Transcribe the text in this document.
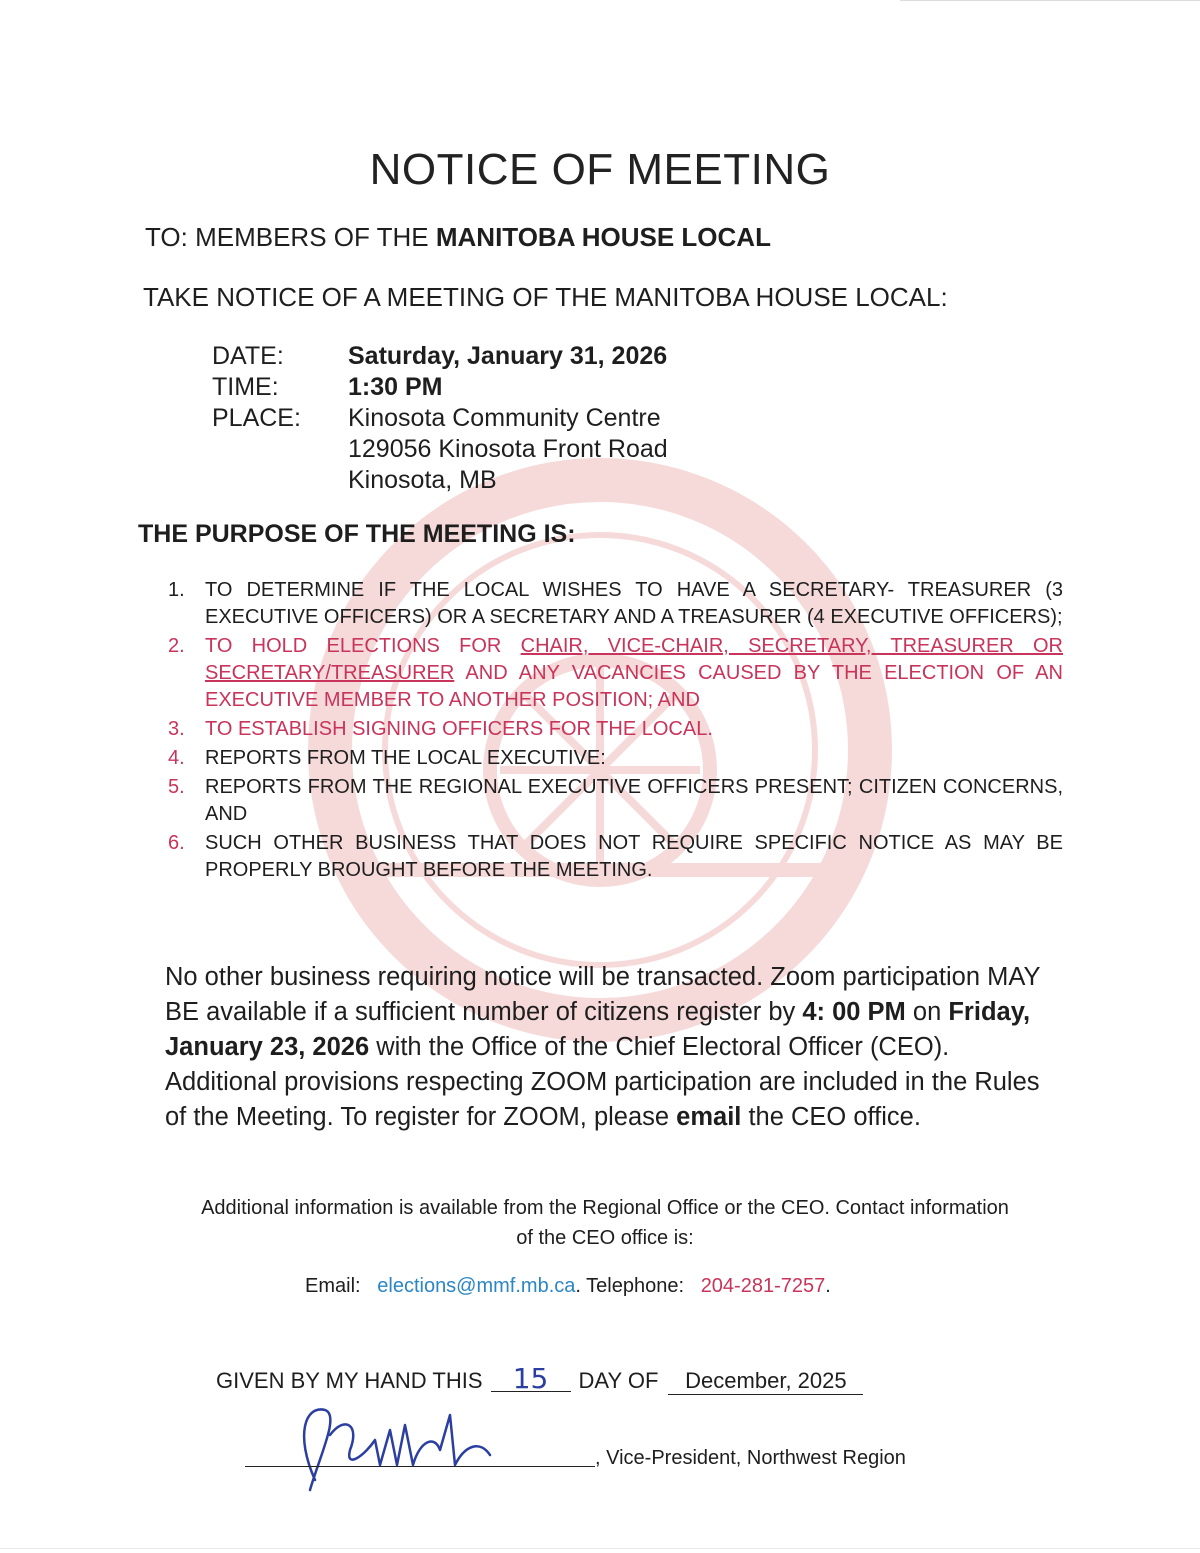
NOTICE OF MEETING
TO: MEMBERS OF THE MANITOBA HOUSE LOCAL
TAKE NOTICE OF A MEETING OF THE MANITOBA HOUSE LOCAL:
DATE:	Saturday, January 31, 2026
TIME:	1:30 PM
PLACE:	Kinosota Community Centre
129056 Kinosota Front Road
Kinosota, MB
THE PURPOSE OF THE MEETING IS:
1.	TO DETERMINE IF THE LOCAL WISHES TO HAVE A SECRETARY- TREASURER (3 EXECUTIVE OFFICERS) OR A SECRETARY AND A TREASURER (4 EXECUTIVE OFFICERS);
2.	TO HOLD ELECTIONS FOR CHAIR, VICE-CHAIR, SECRETARY, TREASURER OR SECRETARY/TREASURER AND ANY VACANCIES CAUSED BY THE ELECTION OF AN EXECUTIVE MEMBER TO ANOTHER POSITION; AND
3.	TO ESTABLISH SIGNING OFFICERS FOR THE LOCAL.
4.	REPORTS FROM THE LOCAL EXECUTIVE:
5.	REPORTS FROM THE REGIONAL EXECUTIVE OFFICERS PRESENT; CITIZEN CONCERNS, AND
6.	SUCH OTHER BUSINESS THAT DOES NOT REQUIRE SPECIFIC NOTICE AS MAY BE PROPERLY BROUGHT BEFORE THE MEETING.
No other business requiring notice will be transacted. Zoom participation MAY BE available if a sufficient number of citizens register by 4: 00 PM on Friday, January 23, 2026 with the Office of the Chief Electoral Officer (CEO). Additional provisions respecting ZOOM participation are included in the Rules of the Meeting. To register for ZOOM, please email the CEO office.
Additional information is available from the Regional Office or the CEO. Contact information of the CEO office is:
Email: elections@mmf.mb.ca. Telephone: 204-281-7257.
GIVEN BY MY HAND THIS	15	DAY OF	December, 2025
, Vice-President, Northwest Region
